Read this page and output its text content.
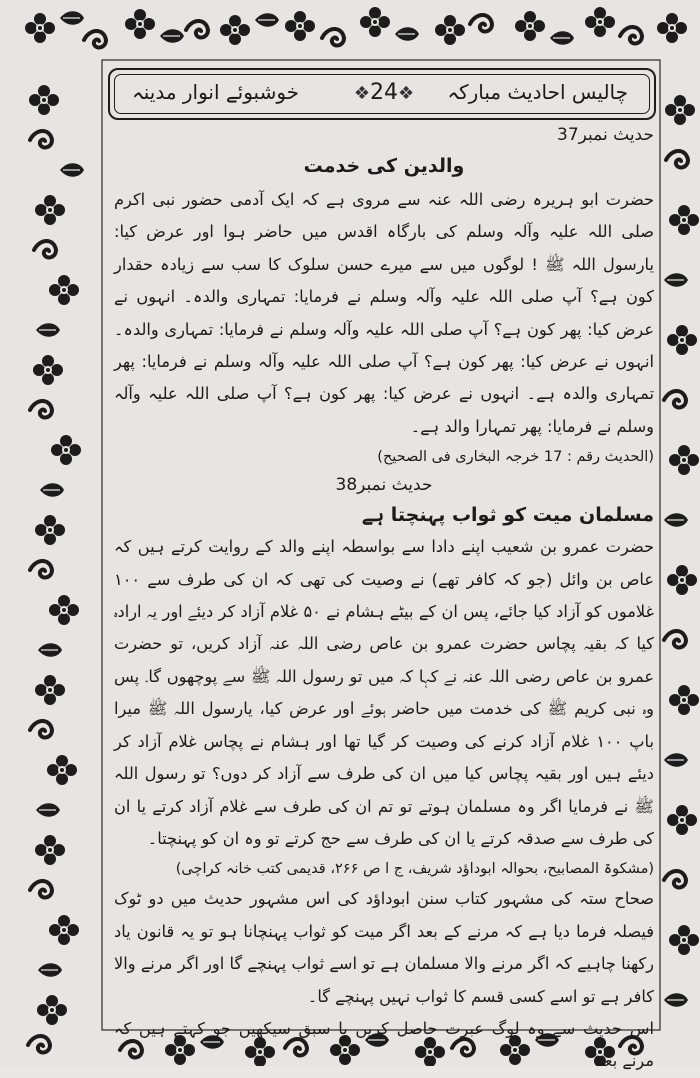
چالیس احادیث مبارکہ
❖24❖
خوشبوئے انوار مدینہ

حدیث نمبر37

والدین کی خدمت

حضرت ابو ہریرہ رضی اللہ عنہ سے مروی ہے کہ ایک آدمی حضور نبی اکرم صلی اللہ علیہ وآلہ وسلم کی بارگاہ اقدس میں حاضر ہوا اور عرض کیا: یارسول اللہ ﷺ ! لوگوں میں سے میرے حسن سلوک کا سب سے زیادہ حقدار کون ہے؟ آپ صلی اللہ علیہ وآلہ وسلم نے فرمایا: تمہاری والدہ۔ انہوں نے عرض کیا: پھر کون ہے؟ آپ صلی اللہ علیہ وآلہ وسلم نے فرمایا: تمہاری والدہ۔ انہوں نے عرض کیا: پھر کون ہے؟ آپ صلی اللہ علیہ وآلہ وسلم نے فرمایا: پھر تمہاری والدہ ہے۔ انہوں نے عرض کیا: پھر کون ہے؟ آپ صلی اللہ علیہ وآلہ وسلم نے فرمایا: پھر تمہارا والد ہے۔

(الحدیث رقم : 17 خرجہ البخاری فی الصحیح)

حدیث نمبر38

مسلمان میت کو ثواب پہنچتا ہے

حضرت عمرو بن شعیب اپنے دادا سے بواسطہ اپنے والد کے روایت کرتے ہیں کہ عاص بن وائل (جو کہ کافر تھے) نے وصیت کی تھی کہ ان کی طرف سے ۱۰۰ غلاموں کو آزاد کیا جائے، پس ان کے بیٹے ہشام نے ۵۰ غلام آزاد کر دیئے اور یہ ارادہ کیا کہ بقیہ پچاس حضرت عمرو بن عاص رضی اللہ عنہ آزاد کریں، تو حضرت عمرو بن عاص رضی اللہ عنہ نے کہا کہ میں تو رسول اللہ ﷺ سے پوچھوں گا۔ پس وہ نبی کریم ﷺ کی خدمت میں حاضر ہوئے اور عرض کیا، یارسول اللہ ﷺ میرا باپ ۱۰۰ غلام آزاد کرنے کی وصیت کر گیا تھا اور ہشام نے پچاس غلام آزاد کر دیئے ہیں اور بقیہ پچاس کیا میں ان کی طرف سے آزاد کر دوں؟ تو رسول اللہ ﷺ نے فرمایا اگر وہ مسلمان ہوتے تو تم ان کی طرف سے غلام آزاد کرتے یا ان کی طرف سے صدقہ کرتے یا ان کی طرف سے حج کرتے تو وہ ان کو پہنچتا۔

(مشکوۃ المصابیح، بحوالہ ابوداؤد شریف، ج ا ص ۲۶۶، قدیمی کتب خانہ کراچی)

صحاح ستہ کی مشہور کتاب سنن ابوداؤد کی اس مشہور حدیث میں دو ٹوک فیصلہ فرما دیا ہے کہ مرنے کے بعد اگر میت کو ثواب پہنچانا ہو تو یہ قانون یاد رکھنا چاہیے کہ اگر مرنے والا مسلمان ہے تو اسے ثواب پہنچے گا اور اگر مرنے والا کافر ہے تو اسے کسی قسم کا ثواب نہیں پہنچے گا۔

اس حدیث سے وہ لوگ عبرت حاصل کریں یا سبق سیکھیں جو کہتے ہیں کہ مرنے بعد
